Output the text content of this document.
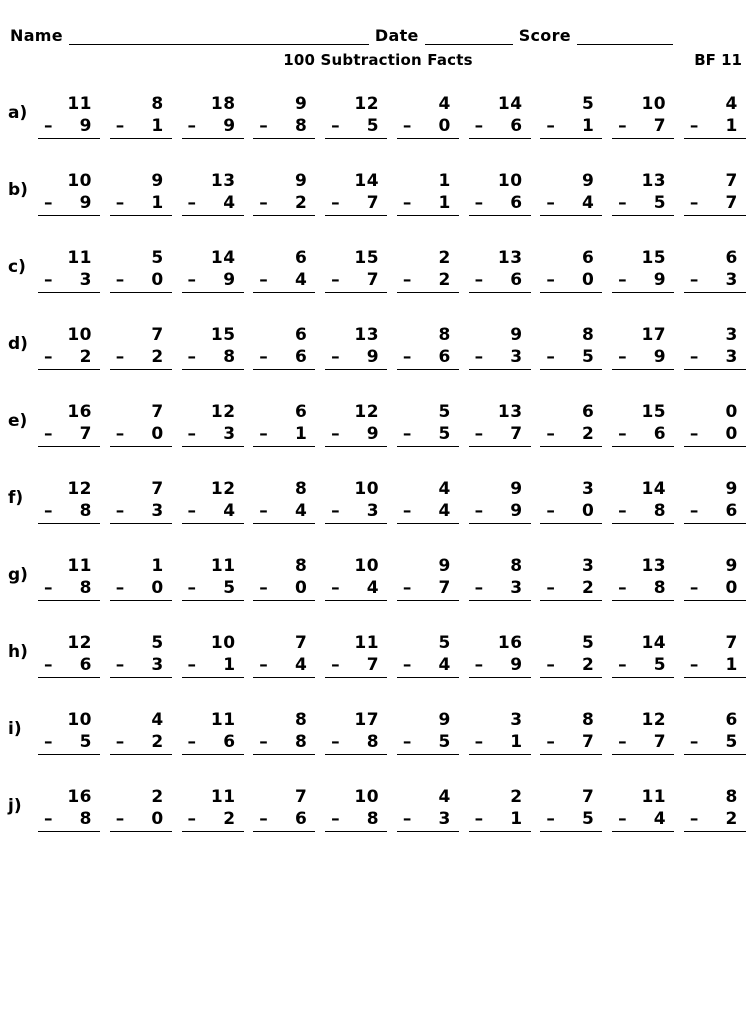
Name	Date	Score
100 Subtraction Facts	BF 11
a)	11
– 9
8
– 1
18
– 9
9
– 8
12
– 5
4
– 0
14
– 6
5
– 1
10
– 7
4
– 1
b)	10
– 9
9
– 1
13
– 4
9
– 2
14
– 7
1
– 1
10
– 6
9
– 4
13
– 5
7
– 7
c)	11
– 3
5
– 0
14
– 9
6
– 4
15
– 7
2
– 2
13
– 6
6
– 0
15
– 9
6
– 3
d)	10
– 2
7
– 2
15
– 8
6
– 6
13
– 9
8
– 6
9
– 3
8
– 5
17
– 9
3
– 3
e)	16
– 7
7
– 0
12
– 3
6
– 1
12
– 9
5
– 5
13
– 7
6
– 2
15
– 6
0
– 0
f)	12
– 8
7
– 3
12
– 4
8
– 4
10
– 3
4
– 4
9
– 9
3
– 0
14
– 8
9
– 6
g)	11
– 8
1
– 0
11
– 5
8
– 0
10
– 4
9
– 7
8
– 3
3
– 2
13
– 8
9
– 0
h)	12
– 6
5
– 3
10
– 1
7
– 4
11
– 7
5
– 4
16
– 9
5
– 2
14
– 5
7
– 1
i)	10
– 5
4
– 2
11
– 6
8
– 8
17
– 8
9
– 5
3
– 1
8
– 7
12
– 7
6
– 5
j)	16
– 8
2
– 0
11
– 2
7
– 6
10
– 8
4
– 3
2
– 1
7
– 5
11
– 4
8
– 2
